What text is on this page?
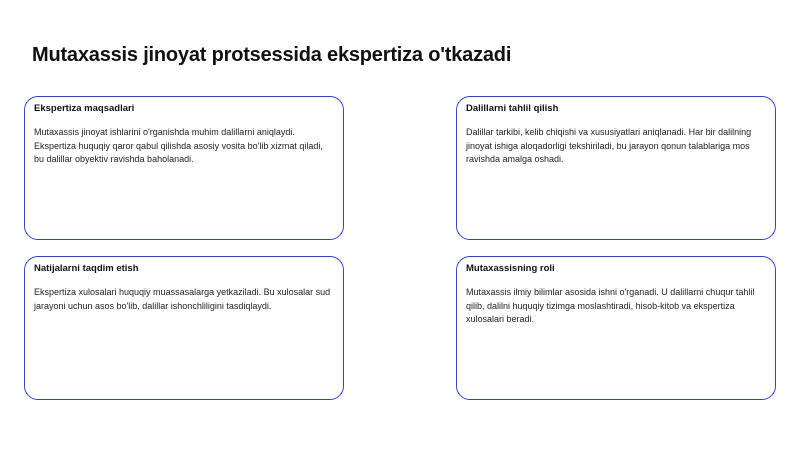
Mutaxassis jinoyat protsessida ekspertiza o'tkazadi

Ekspertiza maqsadlari

Mutaxassis jinoyat ishlarini o'rganishda muhim dalillarni aniqlaydi. Ekspertiza huquqiy qaror qabul qilishda asosiy vosita bo'lib xizmat qiladi, bu dalillar obyektiv ravishda baholanadi.

Dalillarni tahlil qilish

Dalillar tarkibi, kelib chiqishi va xususiyatlari aniqlanadi. Har bir dalilning jinoyat ishiga aloqadorligi tekshiriladi, bu jarayon qonun talablariga mos ravishda amalga oshadi.

Natijalarni taqdim etish

Ekspertiza xulosalari huquqiy muassasalarga yetkaziladi. Bu xulosalar sud jarayoni uchun asos bo'lib, dalillar ishonchliligini tasdiqlaydi.

Mutaxassisning roli

Mutaxassis ilmiy bilimlar asosida ishni o'rganadi. U dalillarni chuqur tahlil qilib, dalilni huquqiy tizimga moslashtiradi, hisob-kitob va ekspertiza xulosalari beradi.
